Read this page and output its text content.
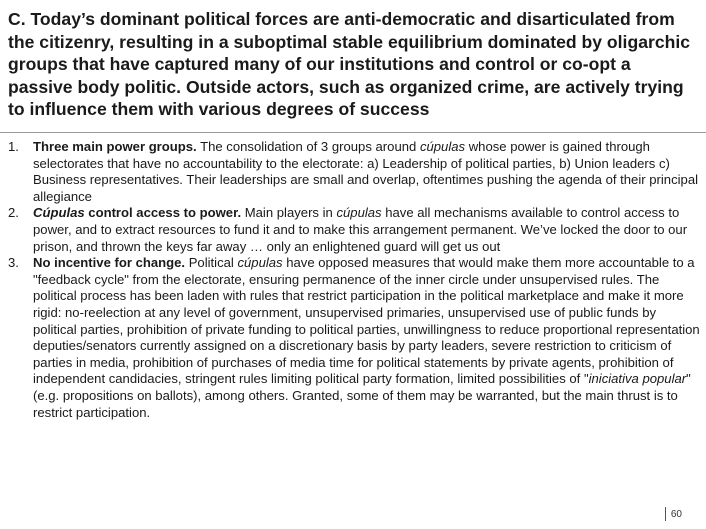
C. Today’s dominant political forces are anti-democratic and disarticulated from the citizenry, resulting in a suboptimal stable equilibrium dominated by oligarchic groups that have captured many of our institutions and control or co-opt a passive body politic. Outside actors, such as organized crime, are actively trying to influence them with various degrees of success
1. Three main power groups. The consolidation of 3 groups around cúpulas whose power is gained through selectorates that have no accountability to the electorate: a) Leadership of political parties, b) Union leaders c) Business representatives. Their leaderships are small and overlap, oftentimes pushing the agenda of their principal allegiance
2. Cúpulas control access to power. Main players in cúpulas have all mechanisms available to control access to power, and to extract resources to fund it and to make this arrangement permanent. We’ve locked the door to our prison, and thrown the keys far away … only an enlightened guard will get us out
3. No incentive for change. Political cúpulas have opposed measures that would make them more accountable to a "feedback cycle" from the electorate, ensuring permanence of the inner circle under unsupervised rules. The political process has been laden with rules that restrict participation in the political marketplace and make it more rigid: no-reelection at any level of government, unsupervised primaries, unsupervised use of public funds by political parties, prohibition of private funding to political parties, unwillingness to reduce proportional representation deputies/senators currently assigned on a discretionary basis by party leaders, severe restriction to criticism of parties in media, prohibition of purchases of media time for political statements by private agents, prohibition of independent candidacies, stringent rules limiting political party formation, limited possibilities of "iniciativa popular" (e.g. propositions on ballots), among others. Granted, some of them may be warranted, but the main thrust is to restrict participation.
60
